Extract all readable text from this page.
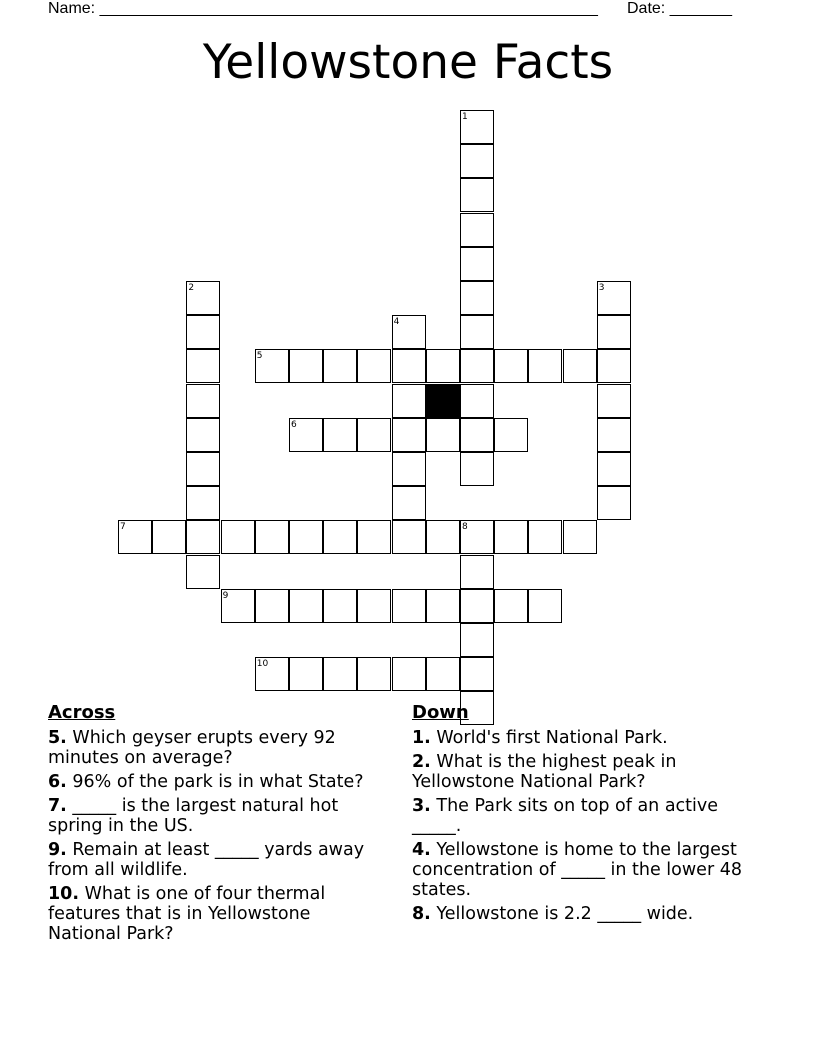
Name: ________________________________________________________ Date: _______
Yellowstone Facts
1
2	3
4
5
6
7	8
9
10
Across
5. Which geyser erupts every 92 minutes on average?
6. 96% of the park is in what State?
7. _____ is the largest natural hot spring in the US.
9. Remain at least _____ yards away from all wildlife.
10. What is one of four thermal features that is in Yellowstone National Park?
Down
1. World's first National Park.
2. What is the highest peak in Yellowstone National Park?
3. The Park sits on top of an active _____.
4. Yellowstone is home to the largest concentration of _____ in the lower 48 states.
8. Yellowstone is 2.2 _____ wide.
